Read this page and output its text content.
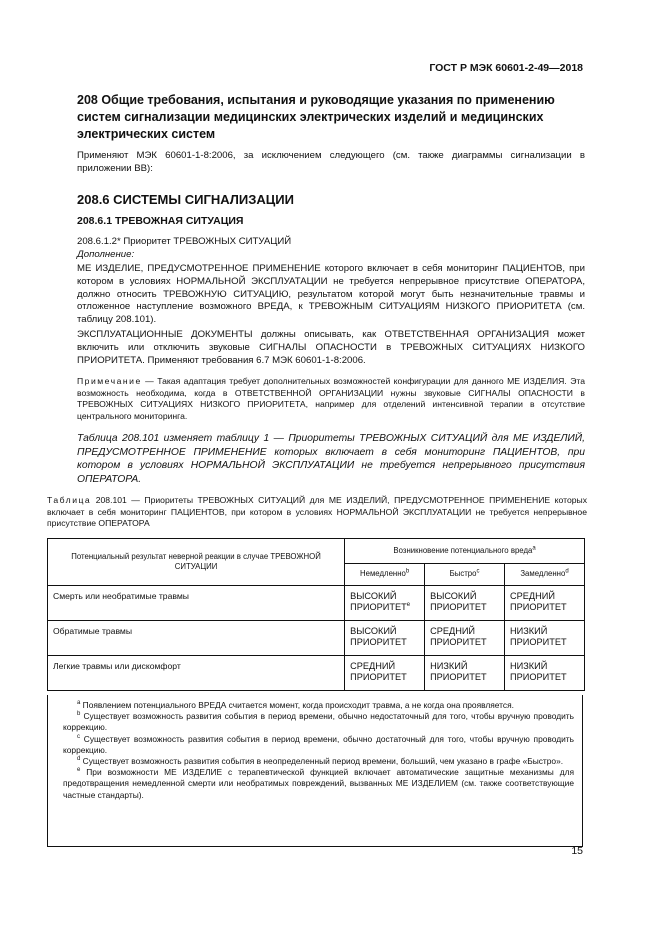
ГОСТ Р МЭК 60601-2-49—2018
208 Общие требования, испытания и руководящие указания по применению систем сигнализации медицинских электрических изделий и медицинских электрических систем
Применяют МЭК 60601-1-8:2006, за исключением следующего (см. также диаграммы сигнализации в приложении ВВ):
208.6 СИСТЕМЫ СИГНАЛИЗАЦИИ
208.6.1 ТРЕВОЖНАЯ СИТУАЦИЯ
208.6.1.2* Приоритет ТРЕВОЖНЫХ СИТУАЦИЙ
Дополнение:
МЕ ИЗДЕЛИЕ, ПРЕДУСМОТРЕННОЕ ПРИМЕНЕНИЕ которого включает в себя мониторинг ПАЦИЕНТОВ, при котором в условиях НОРМАЛЬНОЙ ЭКСПЛУАТАЦИИ не требуется непрерывное присутствие ОПЕРАТОРА, должно относить ТРЕВОЖНУЮ СИТУАЦИЮ, результатом которой могут быть незначительные травмы и отложенное наступление возможного ВРЕДА, к ТРЕВОЖНЫМ СИТУАЦИЯМ НИЗКОГО ПРИОРИТЕТА (см. таблицу 208.101).
ЭКСПЛУАТАЦИОННЫЕ ДОКУМЕНТЫ должны описывать, как ОТВЕТСТВЕННАЯ ОРГАНИЗАЦИЯ может включить или отключить звуковые СИГНАЛЫ ОПАСНОСТИ в ТРЕВОЖНЫХ СИТУАЦИЯХ НИЗКОГО ПРИОРИТЕТА. Применяют требования 6.7 МЭК 60601-1-8:2006.
Примечание — Такая адаптация требует дополнительных возможностей конфигурации для данного МЕ ИЗДЕЛИЯ. Эта возможность необходима, когда в ОТВЕТСТВЕННОЙ ОРГАНИЗАЦИИ нужны звуковые СИГНАЛЫ ОПАСНОСТИ в ТРЕВОЖНЫХ СИТУАЦИЯХ НИЗКОГО ПРИОРИТЕТА, например для отделений интенсивной терапии в отсутствие центрального мониторинга.
Таблица 208.101 изменяет таблицу 1 — Приоритеты ТРЕВОЖНЫХ СИТУАЦИЙ для МЕ ИЗДЕЛИЙ, ПРЕДУСМОТРЕННОЕ ПРИМЕНЕНИЕ которых включает в себя мониторинг ПАЦИЕНТОВ, при котором в условиях НОРМАЛЬНОЙ ЭКСПЛУАТАЦИИ не требуется непрерывного присутствия ОПЕРАТОРА.
Таблица 208.101 — Приоритеты ТРЕВОЖНЫХ СИТУАЦИЙ для МЕ ИЗДЕЛИЙ, ПРЕДУСМОТРЕННОЕ ПРИМЕНЕНИЕ которых включает в себя мониторинг ПАЦИЕНТОВ, при котором в условиях НОРМАЛЬНОЙ ЭКСПЛУАТАЦИИ не требуется непрерывное присутствие ОПЕРАТОРА
Потенциальный результат неверной реакции в случае ТРЕВОЖНОЙ СИТУАЦИИ	Возникновение потенциального вреда$^a$
	Немедленно$^b$	Быстро$^c$	Замедленно$^d$
Смерть или необратимые травмы	ВЫСОКИЙ ПРИОРИТЕТ$^e$	ВЫСОКИЙ ПРИОРИТЕТ	СРЕДНИЙ ПРИОРИТЕТ
Обратимые травмы	ВЫСОКИЙ ПРИОРИТЕТ	СРЕДНИЙ ПРИОРИТЕТ	НИЗКИЙ ПРИОРИТЕТ
Легкие травмы или дискомфорт	СРЕДНИЙ ПРИОРИТЕТ	НИЗКИЙ ПРИОРИТЕТ	НИЗКИЙ ПРИОРИТЕТ

$^a$ Появлением потенциального ВРЕДА считается момент, когда происходит травма, а не когда она проявляется.

$^b$ Существует возможность развития события в период времени, обычно недостаточный для того, чтобы вручную проводить коррекцию.

$^c$ Существует возможность развития события в период времени, обычно достаточный для того, чтобы вручную проводить коррекцию.

$^d$ Существует возможность развития события в неопределенный период времени, больший, чем указано в графе «Быстро».

$^e$ При возможности МЕ ИЗДЕЛИЕ с терапевтической функцией включает автоматические защитные механизмы для предотвращения немедленной смерти или необратимых повреждений, вызванных МЕ ИЗДЕЛИЕМ (см. также соответствующие частные стандарты).

15
